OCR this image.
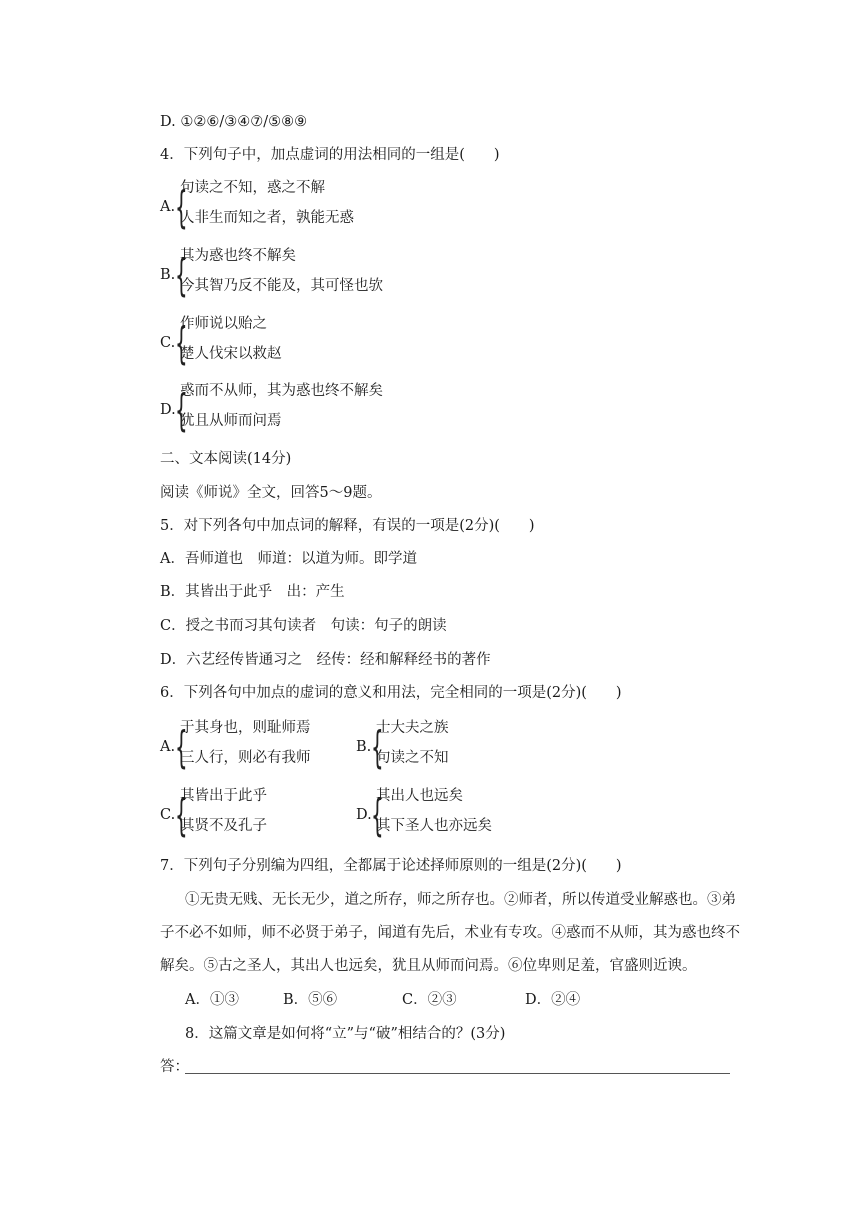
D. ①②⑥/③④⑦/⑤⑧⑨
4．下列句子中，加点虚词的用法相同的一组是(　　)
A. {
句读之不知，惑之不解
人非生而知之者，孰能无惑
B. {
其为惑也终不解矣
今其智乃反不能及，其可怪也欤
C. {
作师说以贻之
楚人伐宋以救赵
D. {
惑而不从师，其为惑也终不解矣
犹且从师而问焉
二、文本阅读(14分)
阅读《师说》全文，回答5～9题。
5．对下列各句中加点词的解释，有误的一项是(2分)(　　)
A．吾师道也　师道：以道为师。即学道
B．其皆出于此乎　出：产生
C．授之书而习其句读者　句读：句子的朗读
D．六艺经传皆通习之　经传：经和解释经书的著作
6．下列各句中加点的虚词的意义和用法，完全相同的一项是(2分)(　　)
A. {
于其身也，则耻师焉
三人行，则必有我师
B. {
士大夫之族
句读之不知
C. {
其皆出于此乎
其贤不及孔子
D. {
其出人也远矣
其下圣人也亦远矣
7．下列句子分别编为四组，全都属于论述择师原则的一组是(2分)(　　)
①无贵无贱、无长无少，道之所存，师之所存也。②师者，所以传道受业解惑也。③弟
子不必不如师，师不必贤于弟子，闻道有先后，术业有专攻。④惑而不从师，其为惑也终不
解矣。⑤古之圣人，其出人也远矣，犹且从师而问焉。⑥位卑则足羞，官盛则近谀。
A．①③	B．⑤⑥	C．②③	D．②④
8．这篇文章是如何将“立”与“破”相结合的？(3分)
答：
